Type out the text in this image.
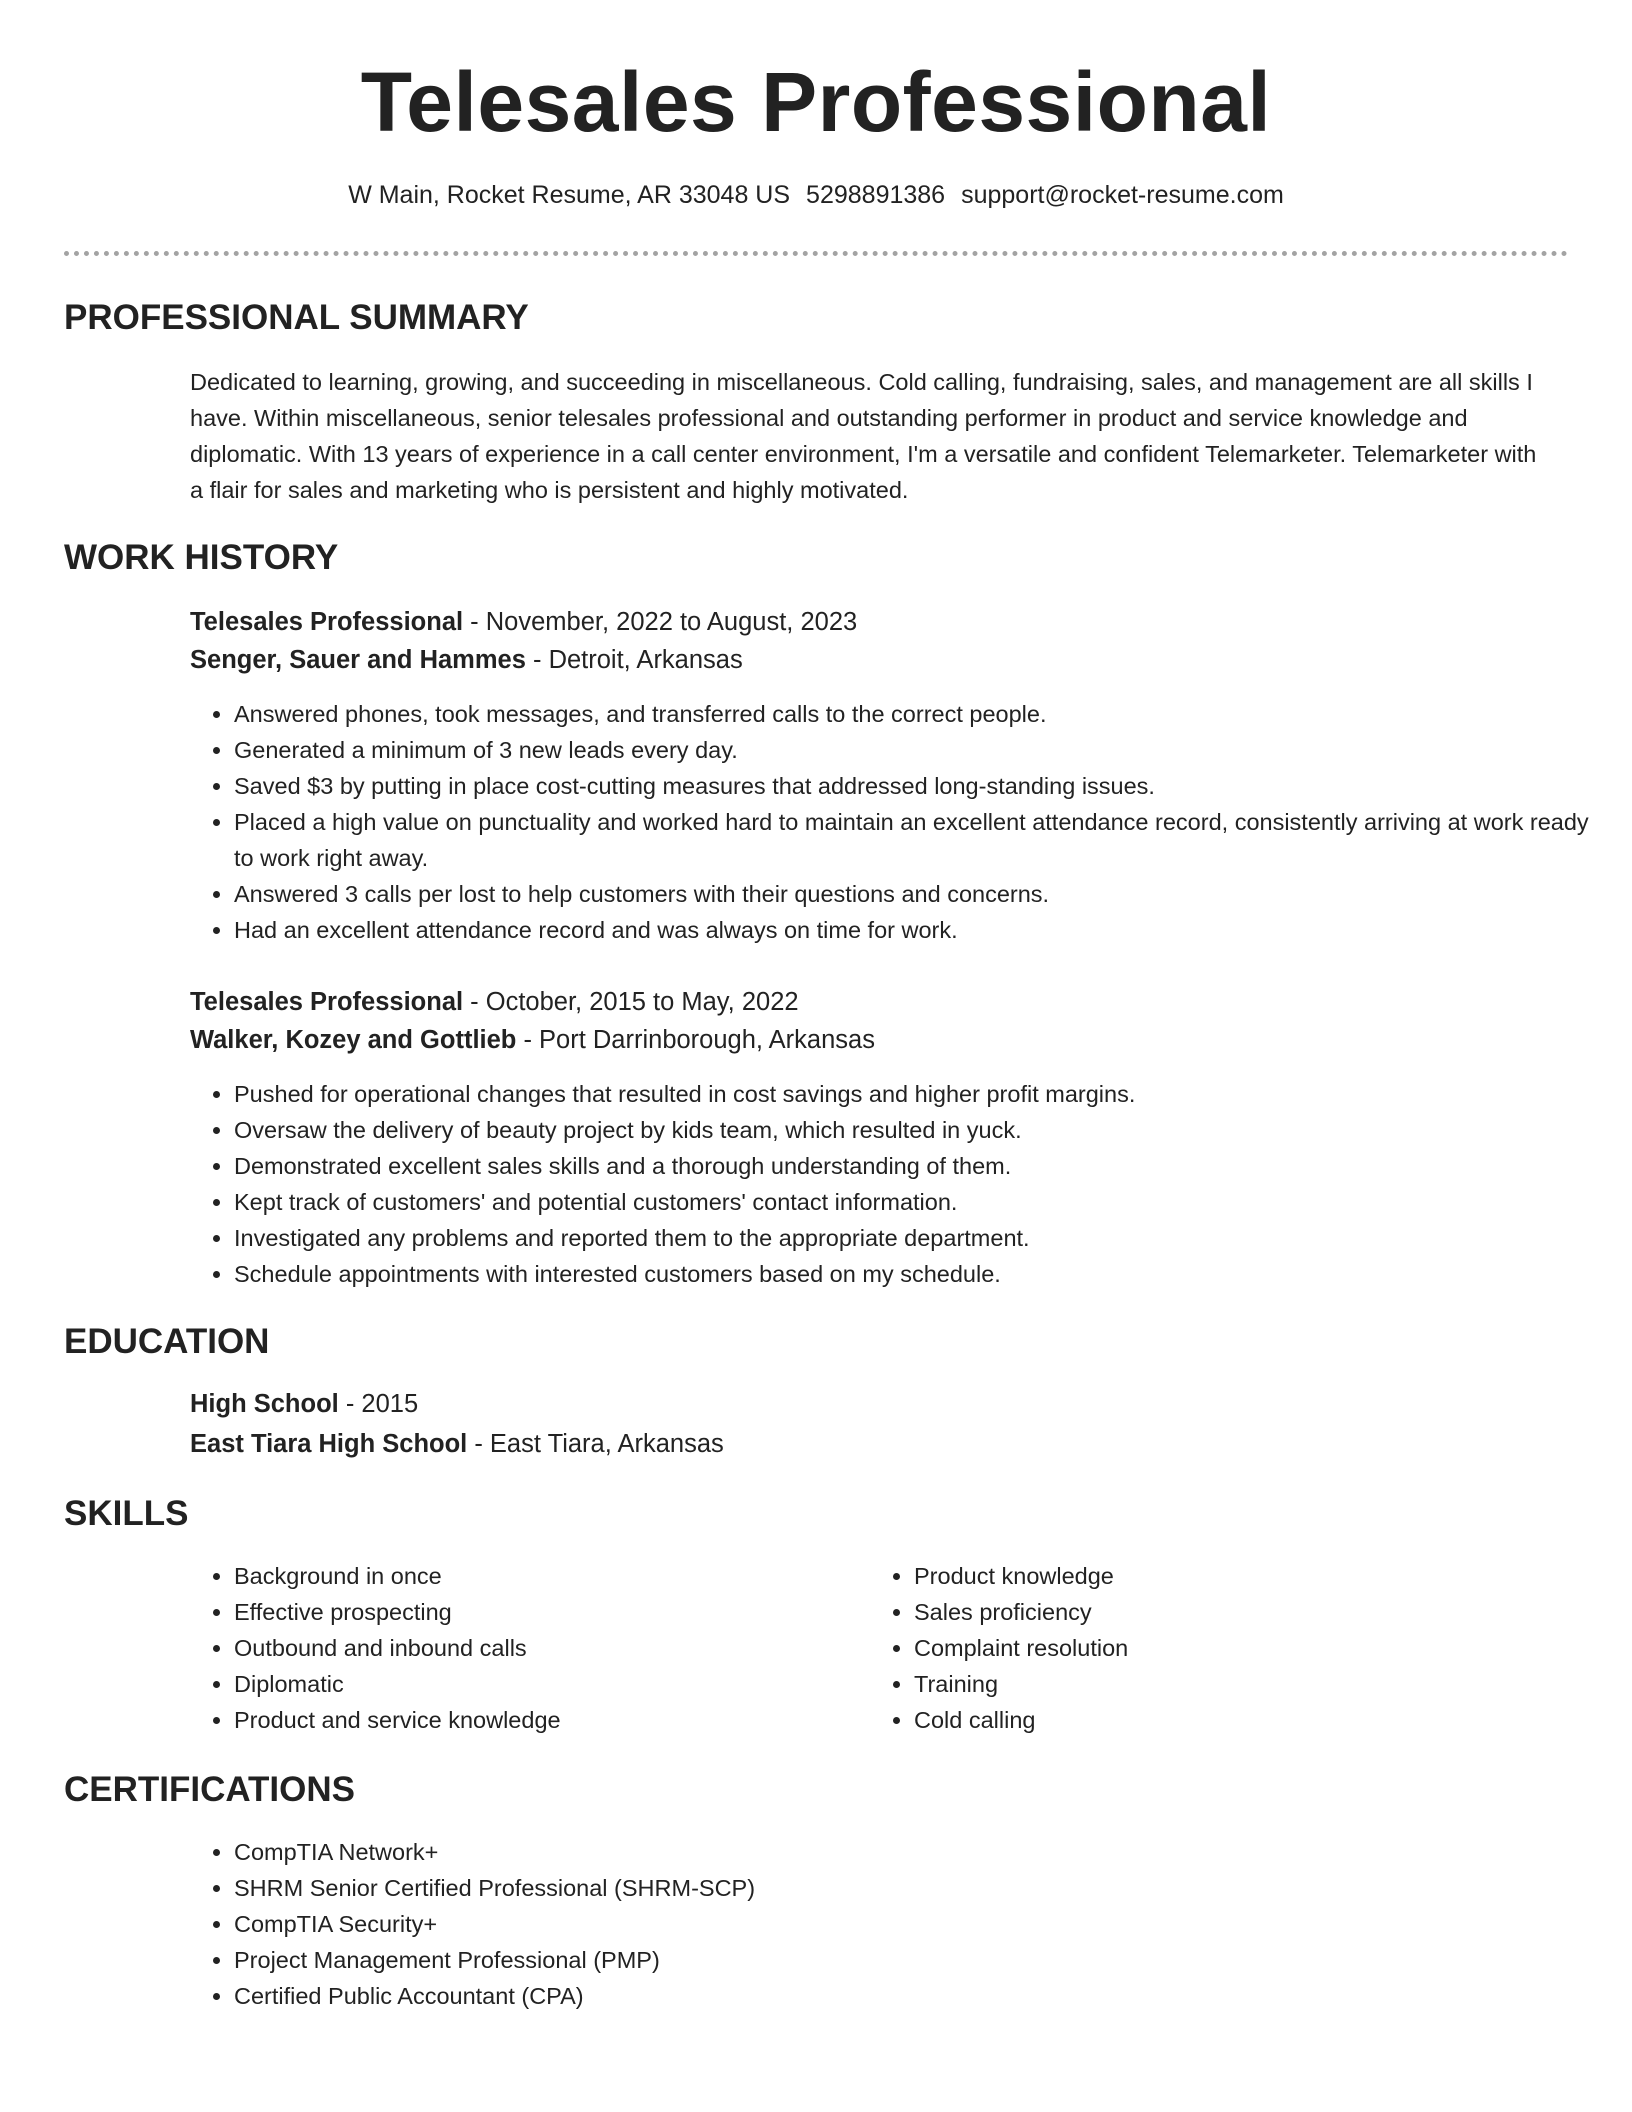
Telesales Professional
W Main, Rocket Resume, AR 33048 US 5298891386 support@rocket-resume.com
PROFESSIONAL SUMMARY

Dedicated to learning, growing, and succeeding in miscellaneous. Cold calling, fundraising, sales, and management are all skills I have. Within miscellaneous, senior telesales professional and outstanding performer in product and service knowledge and diplomatic. With 13 years of experience in a call center environment, I'm a versatile and confident Telemarketer. Telemarketer with a flair for sales and marketing who is persistent and highly motivated.

WORK HISTORY
Telesales Professional - November, 2022 to August, 2023
Senger, Sauer and Hammes - Detroit, Arkansas
• Answered phones, took messages, and transferred calls to the correct people.
• Generated a minimum of 3 new leads every day.
• Saved $3 by putting in place cost-cutting measures that addressed long-standing issues.
• Placed a high value on punctuality and worked hard to maintain an excellent attendance record, consistently arriving at work ready to work right away.
• Answered 3 calls per lost to help customers with their questions and concerns.
• Had an excellent attendance record and was always on time for work.
Telesales Professional - October, 2015 to May, 2022
Walker, Kozey and Gottlieb - Port Darrinborough, Arkansas
• Pushed for operational changes that resulted in cost savings and higher profit margins.
• Oversaw the delivery of beauty project by kids team, which resulted in yuck.
• Demonstrated excellent sales skills and a thorough understanding of them.
• Kept track of customers' and potential customers' contact information.
• Investigated any problems and reported them to the appropriate department.
• Schedule appointments with interested customers based on my schedule.
EDUCATION
High School - 2015
East Tiara High School - East Tiara, Arkansas
SKILLS
• Background in once
• Effective prospecting
• Outbound and inbound calls
• Diplomatic
• Product and service knowledge
• Product knowledge
• Sales proficiency
• Complaint resolution
• Training
• Cold calling
CERTIFICATIONS
• CompTIA Network+
• SHRM Senior Certified Professional (SHRM-SCP)
• CompTIA Security+
• Project Management Professional (PMP)
• Certified Public Accountant (CPA)
